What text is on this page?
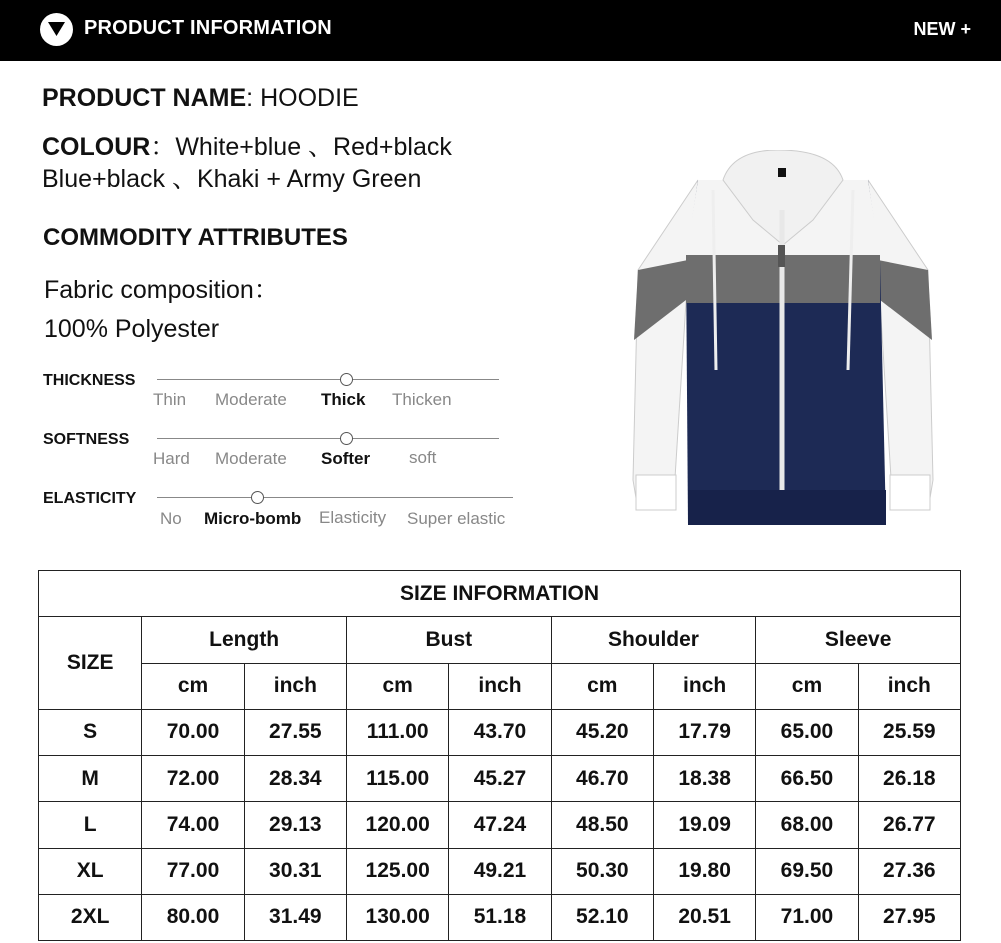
PRODUCT INFORMATION	NEW +
PRODUCT NAME: HOODIE
COLOUR：White+blue 、Red+black
Blue+black 、Khaki + Army Green
COMMODITY ATTRIBUTES
Fabric composition：
100% Polyester
THICKNESS
Thin Moderate Thick Thicken
SOFTNESS
Hard Moderate Softer soft
ELASTICITY
No Micro-bomb Elasticity Super elastic
SIZE INFORMATION								
SIZE	Length		Bust		Shoulder		Sleeve	
	cm	inch	cm	inch	cm	inch	cm	inch
S	70.00	27.55	111.00	43.70	45.20	17.79	65.00	25.59
M	72.00	28.34	115.00	45.27	46.70	18.38	66.50	26.18
L	74.00	29.13	120.00	47.24	48.50	19.09	68.00	26.77
XL	77.00	30.31	125.00	49.21	50.30	19.80	69.50	27.36
2XL	80.00	31.49	130.00	51.18	52.10	20.51	71.00	27.95
